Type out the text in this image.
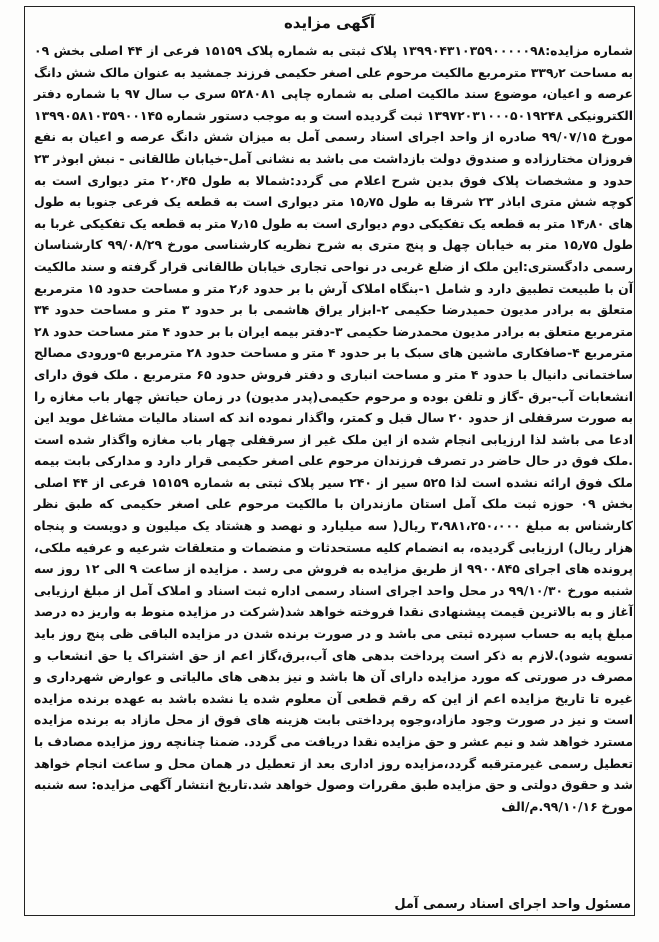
آگهی مزایده
شماره مزایده:۱۳۹۹۰۴۳۱۰۳۵۹۰۰۰۰۰۹۸ پلاک ثبتی به شماره پلاک ۱۵۱۵۹ فرعی از ۴۴ اصلی بخش ۰۹ به مساحت ۳۳۹٫۲ مترمربع مالکیت مرحوم علی اصغر حکیمی فرزند جمشید به عنوان مالک شش دانگ عرصه و اعیان، موضوع سند مالکیت اصلی به شماره چاپی ۵۲۸۰۸۱ سری ب سال ۹۷ با شماره دفتر الکترونیکی ۱۳۹۷۲۰۳۱۰۰۰۵۰۱۹۲۴۸ ثبت گردیده است و به موجب دستور شماره ۱۳۹۹۰۵۸۱۰۳۵۹۰۰۱۴۵ مورخ ۹۹/۰۷/۱۵ صادره از واحد اجرای اسناد رسمی آمل به میزان شش دانگ عرصه و اعیان به نفع فروزان مختارزاده و صندوق دولت بازداشت می باشد به نشانی آمل-خیابان طالقانی - نبش ابوذر ۲۳ حدود و مشخصات پلاک فوق بدین شرح اعلام می گردد:شمالا به طول ۲۰٫۴۵ متر دیواری است به کوچه شش متری اباذر ۲۳ شرقا به طول ۱۵٫۷۵ متر دیواری است به قطعه یک فرعی جنوبا به طول های ۱۴٫۸۰ متر به قطعه یک تفکیکی دوم دیواری است به طول ۷٫۱۵ متر به قطعه یک تفکیکی غربا به طول ۱۵٫۷۵ متر به خیابان چهل و پنج متری به شرح نظریه کارشناسی مورخ ۹۹/۰۸/۲۹ کارشناسان رسمی دادگستری:این ملک از ضلع غربی در نواحی تجاری خیابان طالقانی قرار گرفته و سند مالکیت آن با طبیعت تطبیق دارد و شامل ۱-بنگاه املاک آرش با بر حدود ۲٫۶ متر و مساحت حدود ۱۵ مترمربع متعلق به برادر مدیون حمیدرضا حکیمی ۲-ابزار یراق هاشمی با بر حدود ۳ متر و مساحت حدود ۳۴ مترمربع متعلق به برادر مدیون محمدرضا حکیمی ۳-دفتر بیمه ایران با بر حدود ۴ متر مساحت حدود ۲۸ مترمربع ۴-صافکاری ماشین های سبک با بر حدود ۴ متر و مساحت حدود ۲۸ مترمربع ۵-ورودی مصالح ساختمانی دانیال با حدود ۴ متر و مساحت انباری و دفتر فروش حدود ۶۵ مترمربع . ملک فوق دارای انشعابات آب-برق -گاز و تلفن بوده و مرحوم حکیمی(پدر مدیون) در زمان حیاتش چهار باب مغازه را به صورت سرقفلی از حدود ۲۰ سال قبل و کمتر، واگذار نموده اند که اسناد مالیات مشاغل موید این ادعا می باشد لذا ارزیابی انجام شده از این ملک غیر از سرقفلی چهار باب مغازه واگذار شده است .ملک فوق در حال حاضر در تصرف فرزندان مرحوم علی اصغر حکیمی قرار دارد و مدارکی بابت بیمه ملک فوق ارائه نشده است لذا ۵۲۵ سیر از ۲۴۰ سیر پلاک ثبتی به شماره ۱۵۱۵۹ فرعی از ۴۴ اصلی بخش ۰۹ حوزه ثبت ملک آمل استان مازندران با مالکیت مرحوم علی اصغر حکیمی که طبق نظر کارشناس به مبلغ ۳،۹۸۱،۲۵۰،۰۰۰ ریال( سه میلیارد و نهصد و هشتاد یک میلیون و دویست و پنجاه هزار ریال) ارزیابی گردیده، به انضمام کلیه مستحدثات و منضمات و متعلقات شرعیه و عرفیه ملکی، پرونده های اجرای ۹۹۰۰۸۴۵ از طریق مزایده به فروش می رسد . مزایده از ساعت ۹ الی ۱۲ روز سه شنبه مورخ ۹۹/۱۰/۳۰ در محل واحد اجرای اسناد رسمی اداره ثبت اسناد و املاک آمل از مبلغ ارزیابی آغاز و به بالاترین قیمت پیشنهادی نقدا فروخته خواهد شد(شرکت در مزایده منوط به واریز ده درصد مبلغ پایه به حساب سپرده ثبتی می باشد و در صورت برنده شدن در مزایده الباقی ظی پنج روز باید تسویه شود).لازم به ذکر است پرداخت بدهی های آب،برق،گاز اعم از حق اشتراک یا حق انشعاب و مصرف در صورتی که مورد مزایده دارای آن ها باشد و نیز بدهی های مالیاتی و عوارض شهرداری و غیره تا تاریخ مزایده اعم از این که رقم قطعی آن معلوم شده یا نشده باشد به عهده برنده مزایده است و نیز در صورت وجود مازاد،وجوه پرداختی بابت هزینه های فوق از محل مازاد به برنده مزایده مسترد خواهد شد و نیم عشر و حق مزایده نقدا دریافت می گردد. ضمنا چنانچه روز مزایده مصادف با تعطیل رسمی غیرمترقبه گردد،مزایده روز اداری بعد از تعطیل در همان محل و ساعت انجام خواهد شد و حقوق دولتی و حق مزایده طبق مقررات وصول خواهد شد.تاریخ انتشار آگهی مزایده: سه شنبه مورخ ۹۹/۱۰/۱۶.م/الف
مسئول واحد اجرای اسناد رسمی آمل
